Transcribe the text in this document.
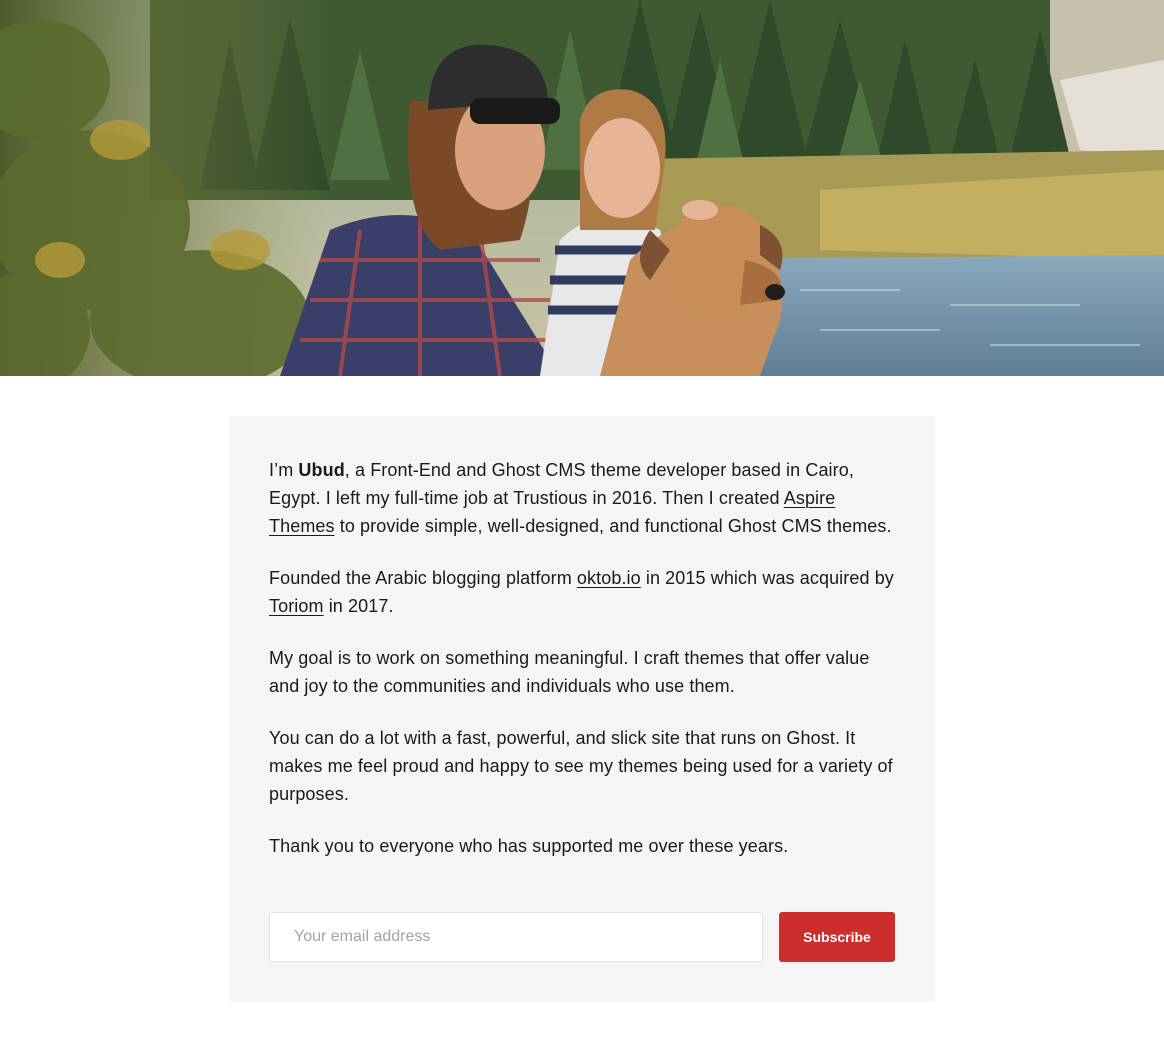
I’m Ubud, a Front-End and Ghost CMS theme developer based in Cairo, Egypt. I left my full-time job at Trustious in 2016. Then I created Aspire Themes to provide simple, well-designed, and functional Ghost CMS themes.

Founded the Arabic blogging platform oktob.io in 2015 which was acquired by Toriom in 2017.

My goal is to work on something meaningful. I craft themes that offer value and joy to the communities and individuals who use them.

You can do a lot with a fast, powerful, and slick site that runs on Ghost. It makes me feel proud and happy to see my themes being used for a variety of purposes.

Thank you to everyone who has supported me over these years.

Your email address
Subscribe
